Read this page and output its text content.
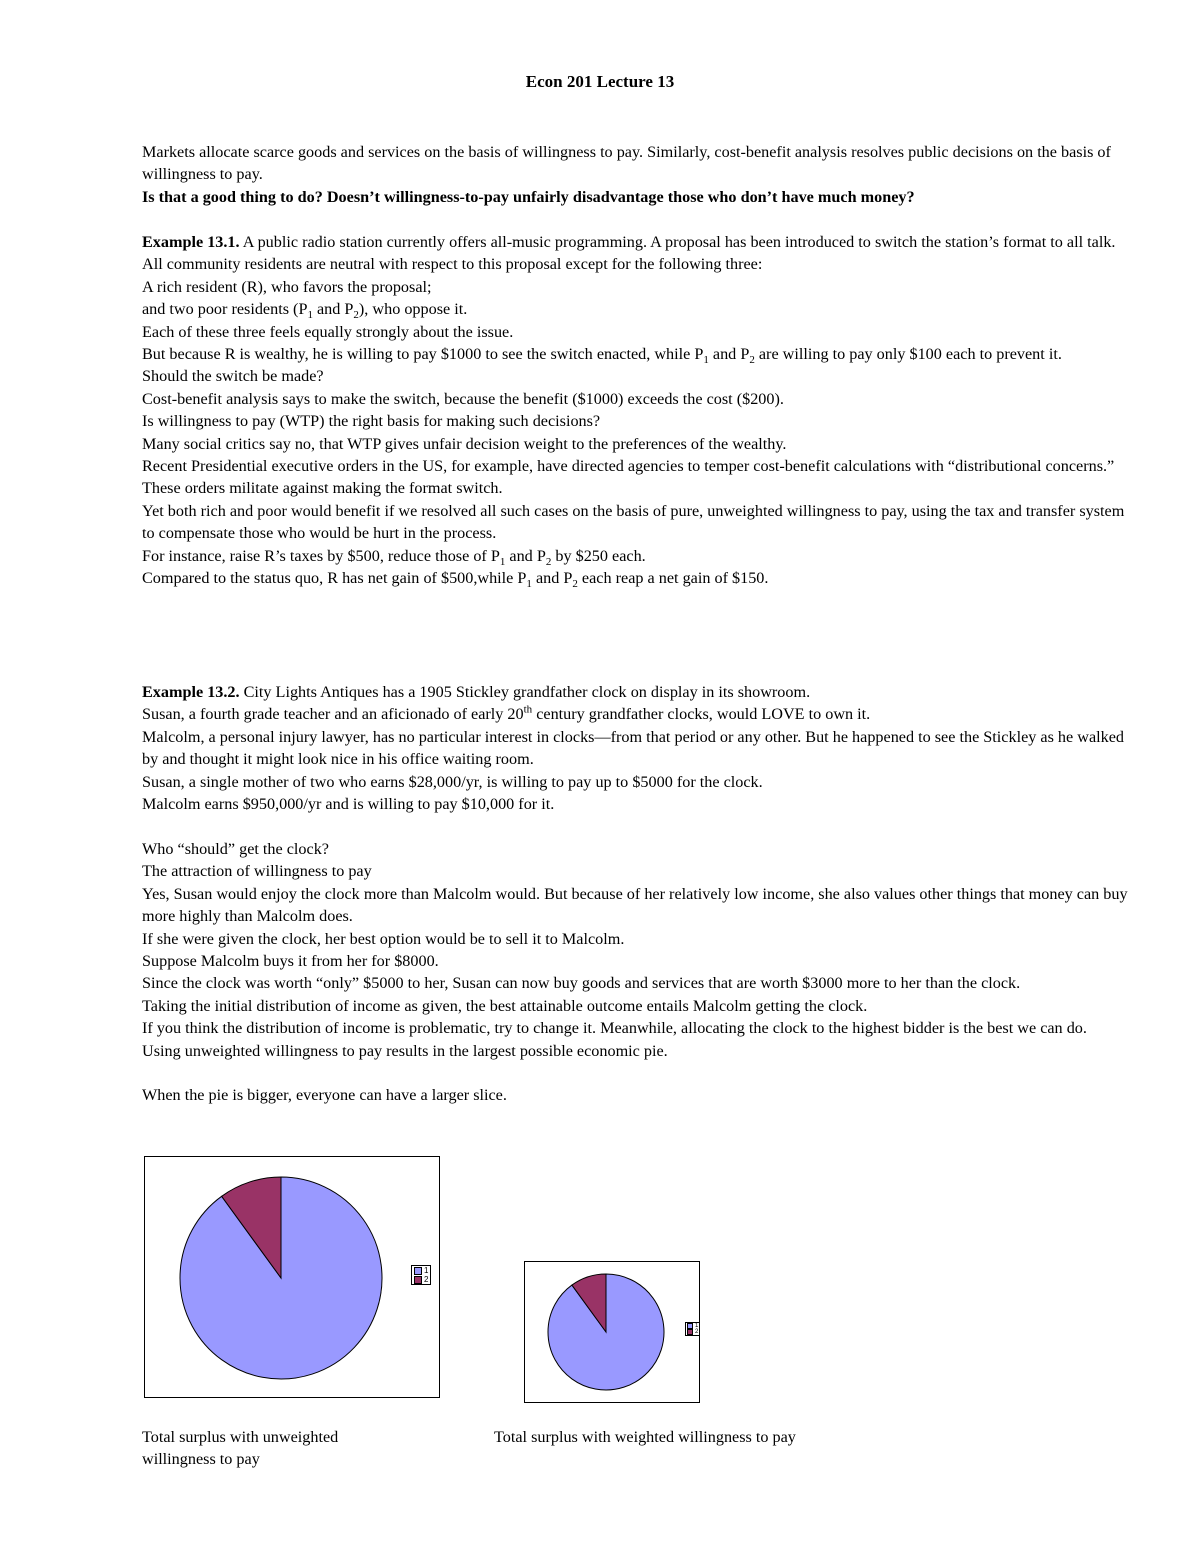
Econ 201 Lecture 13

Markets allocate scarce goods and services on the basis of willingness to pay. Similarly, cost-benefit analysis resolves public decisions on the basis of willingness to pay.

Is that a good thing to do? Doesn’t willingness-to-pay unfairly disadvantage those who don’t have much money?

Example 13.1. A public radio station currently offers all-music programming. A proposal has been introduced to switch the station’s format to all talk.

All community residents are neutral with respect to this proposal except for the following three:

A rich resident (R), who favors the proposal;

and two poor residents ($P_1$ and $P_2$), who oppose it.

Each of these three feels equally strongly about the issue.

But because R is wealthy, he is willing to pay $1000 to see the switch enacted, while $P_1$ and $P_2$ are willing to pay only $100 each to prevent it.

Should the switch be made?

Cost-benefit analysis says to make the switch, because the benefit ($1000) exceeds the cost ($200).

Is willingness to pay (WTP) the right basis for making such decisions?

Many social critics say no, that WTP gives unfair decision weight to the preferences of the wealthy.

Recent Presidential executive orders in the US, for example, have directed agencies to temper cost-benefit calculations with “distributional concerns.”

These orders militate against making the format switch.

Yet both rich and poor would benefit if we resolved all such cases on the basis of pure, unweighted willingness to pay, using the tax and transfer system to compensate those who would be hurt in the process.

For instance, raise R’s taxes by $500, reduce those of $P_1$ and $P_2$ by $250 each.

Compared to the status quo, R has net gain of $500,while $P_1$ and $P_2$ each reap a net gain of $150.

Example 13.2. City Lights Antiques has a 1905 Stickley grandfather clock on display in its showroom.

Susan, a fourth grade teacher and an aficionado of early 20th century grandfather clocks, would LOVE to own it.

Malcolm, a personal injury lawyer, has no particular interest in clocks—from that period or any other. But he happened to see the Stickley as he walked by and thought it might look nice in his office waiting room.

Susan, a single mother of two who earns $28,000/yr, is willing to pay up to $5000 for the clock.

Malcolm earns $950,000/yr and is willing to pay $10,000 for it.

Who “should” get the clock?

The attraction of willingness to pay

Yes, Susan would enjoy the clock more than Malcolm would. But because of her relatively low income, she also values other things that money can buy more highly than Malcolm does.

If she were given the clock, her best option would be to sell it to Malcolm.

Suppose Malcolm buys it from her for $8000.

Since the clock was worth “only” $5000 to her, Susan can now buy goods and services that are worth $3000 more to her than the clock.

Taking the initial distribution of income as given, the best attainable outcome entails Malcolm getting the clock.

If you think the distribution of income is problematic, try to change it. Meanwhile, allocating the clock to the highest bidder is the best we can do.

Using unweighted willingness to pay results in the largest possible economic pie.

When the pie is bigger, everyone can have a larger slice.

1
2
1
2
Total surplus with unweighted willingness to pay
Total surplus with weighted willingness to pay
